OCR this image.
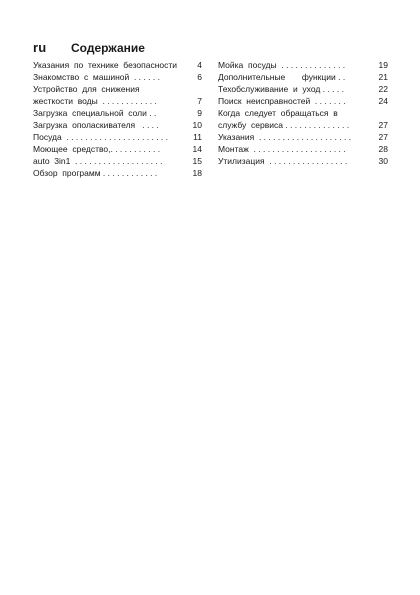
ru Содержание
Указания  по  технике  безопасности 4
Знакомство  с  машиной  . . . . . .	6
Устройство  для  снижения
жесткости  воды  . . . . . . . . . . . .	7
Загрузка  специальной  соли . .	9
Загрузка  ополаскивателя   . . . .	10
Посуда  . . . . . . . . . . . . . . . . . . . . . .	11
Моющее  средство,. . . . . . . . . . .	14
auto  3in1  . . . . . . . . . . . . . . . . . . .	15
Обзор  программ . . . . . . . . . . . .	18
Мойка  посуды  . . . . . . . . . . . . . .	19
Дополнительные       функции . .	21
Техобслуживание  и  уход . . . . .	22
Поиск  неисправностей  . . . . . . .	24
Когда  следует  обращаться  в
службу  сервиса . . . . . . . . . . . . . .	27
Указания  . . . . . . . . . . . . . . . . . . . .	27
Монтаж  . . . . . . . . . . . . . . . . . . . .	28
Утилизация  . . . . . . . . . . . . . . . . .	30
